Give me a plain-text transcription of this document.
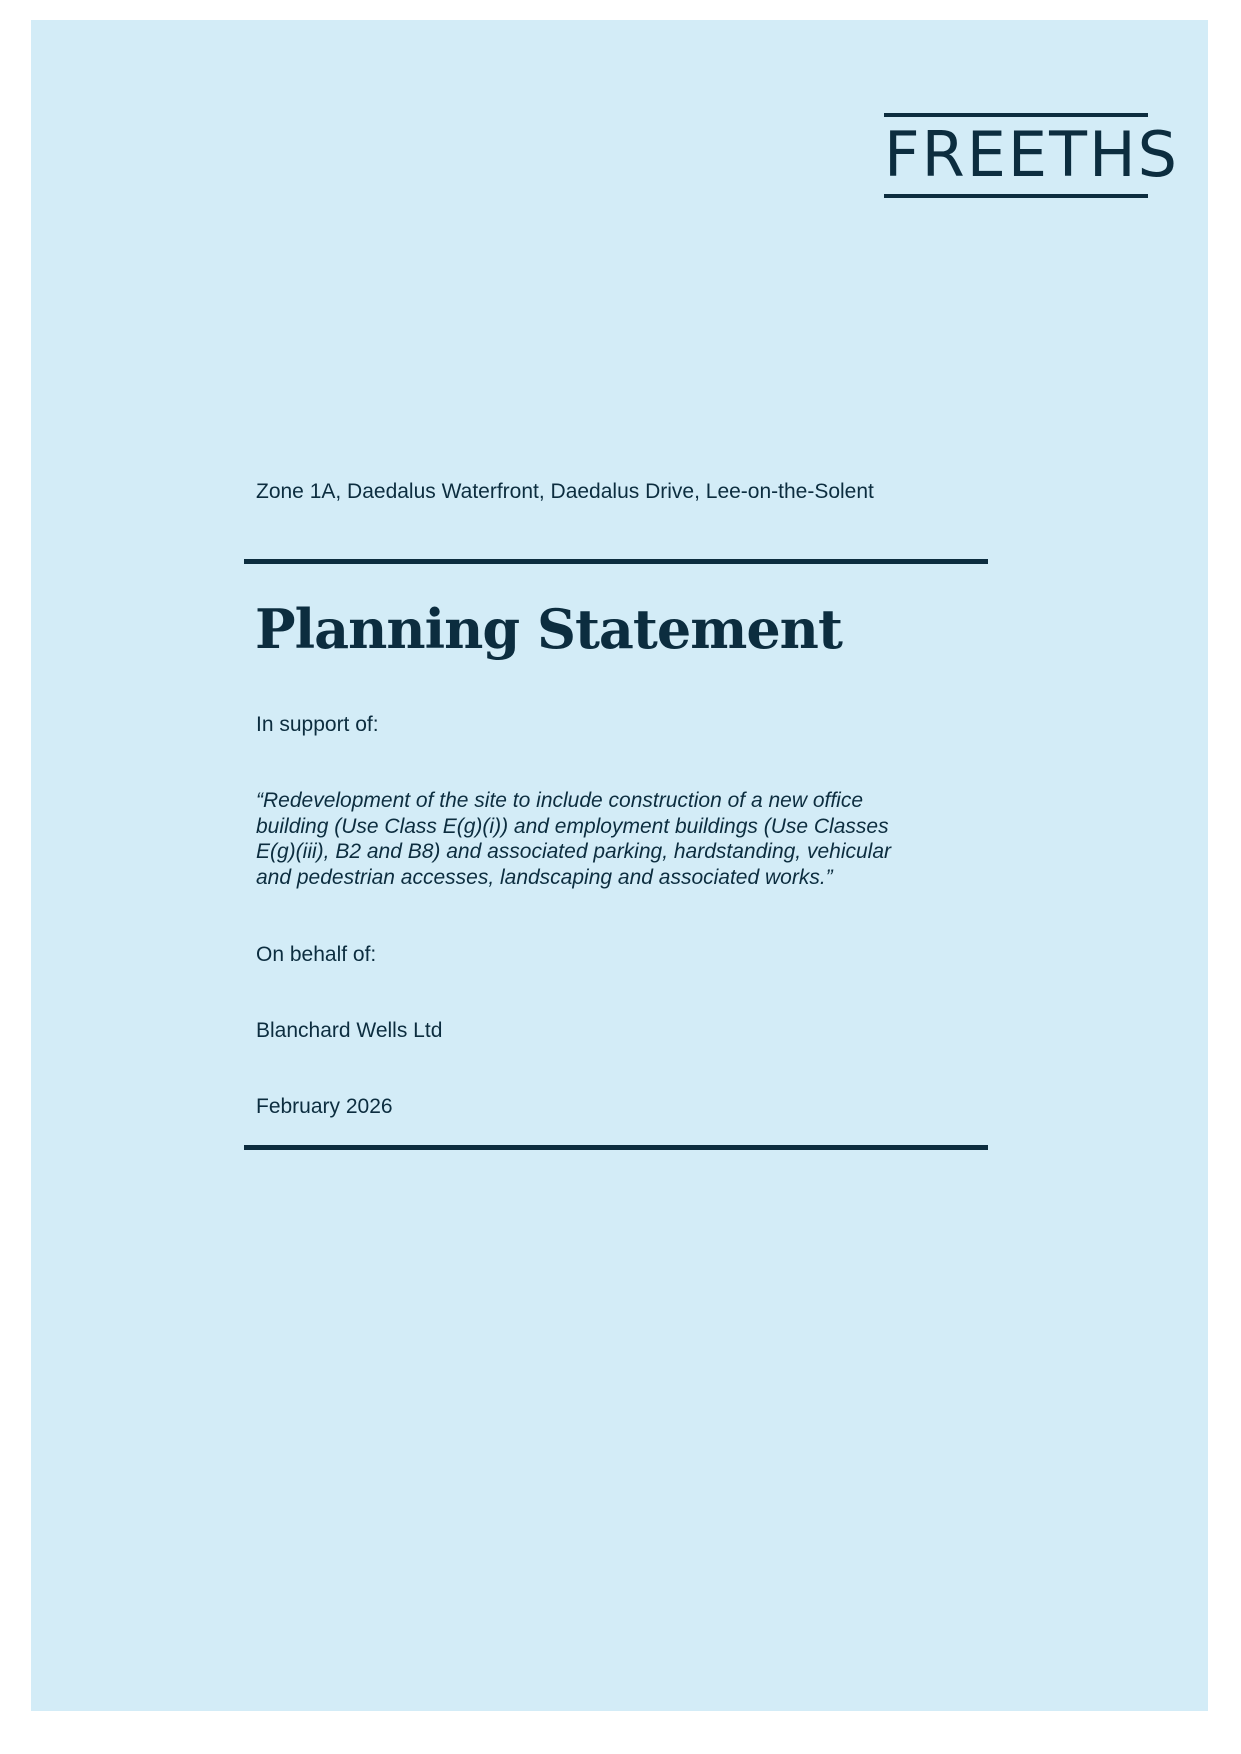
FREETHS
Zone 1A, Daedalus Waterfront, Daedalus Drive, Lee-on-the-Solent
Planning Statement
In support of:
“Redevelopment of the site to include construction of a new office
building (Use Class E(g)(i)) and employment buildings (Use Classes
E(g)(iii), B2 and B8) and associated parking, hardstanding, vehicular
and pedestrian accesses, landscaping and associated works.”
On behalf of:
Blanchard Wells Ltd
February 2026
